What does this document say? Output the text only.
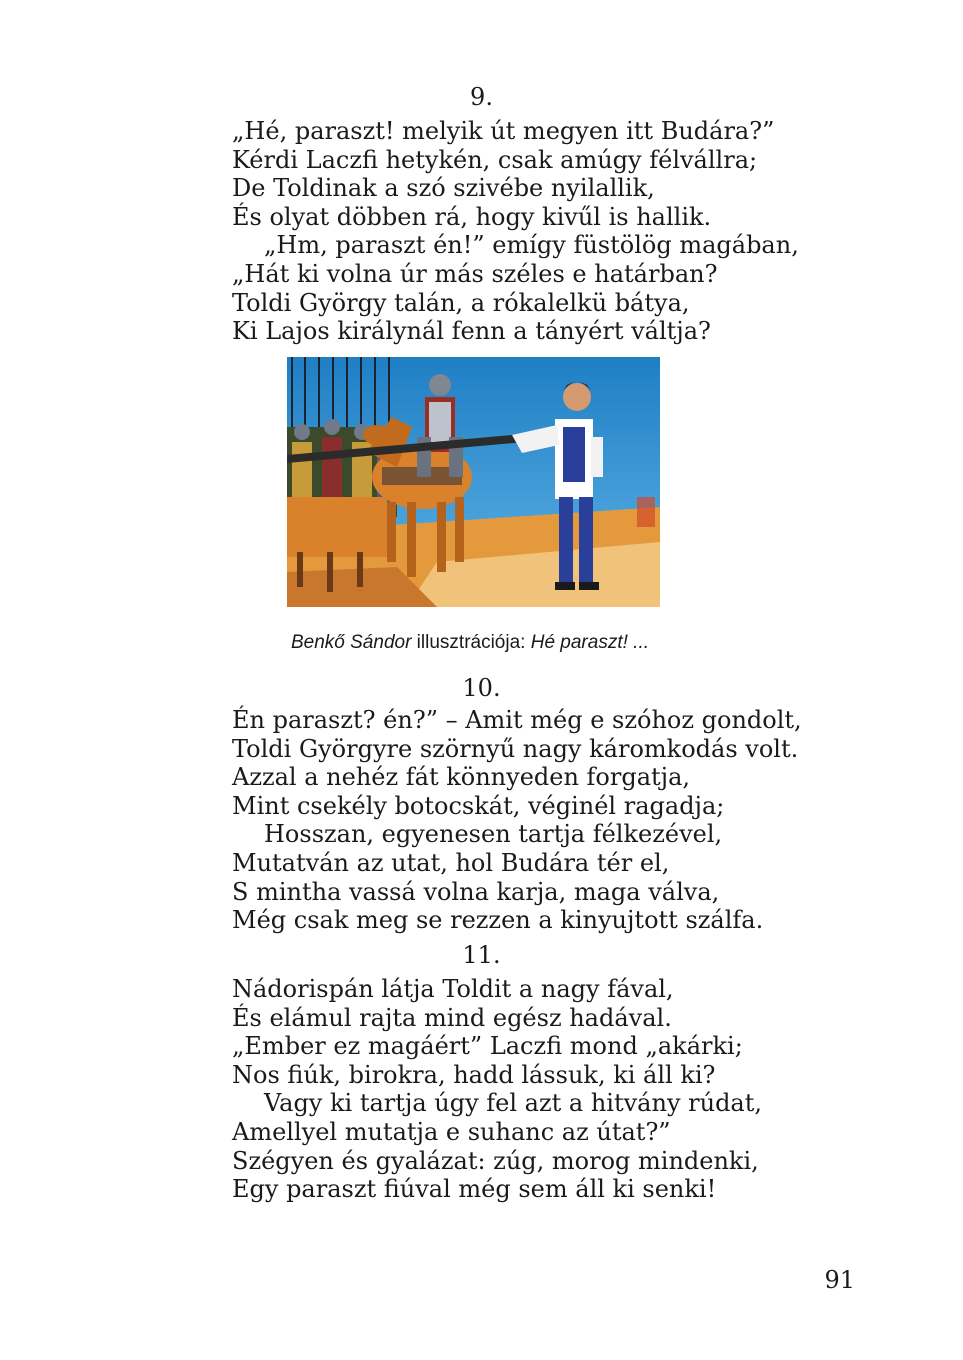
9.
„Hé, paraszt! melyik út megyen itt Budára?”
Kérdi Laczfi hetykén, csak amúgy félvállra;
De Toldinak a szó szivébe nyilallik,
És olyat döbben rá, hogy kivűl is hallik.
„Hm, paraszt én!” emígy füstölög magában,
„Hát ki volna úr más széles e határban?
Toldi György talán, a rókalelkü bátya,
Ki Lajos királynál fenn a tányért váltja?
Benkő Sándor illusztrációja: Hé paraszt! ...
10.
Én paraszt? én?” – Amit még e szóhoz gondolt,
Toldi Györgyre szörnyű nagy káromkodás volt.
Azzal a nehéz fát könnyeden forgatja,
Mint csekély botocskát, véginél ragadja;
Hosszan, egyenesen tartja félkezével,
Mutatván az utat, hol Budára tér el,
S mintha vassá volna karja, maga válva,
Még csak meg se rezzen a kinyujtott szálfa.
11.
Nádorispán látja Toldit a nagy fával,
És elámul rajta mind egész hadával.
„Ember ez magáért” Laczfi mond „akárki;
Nos fiúk, birokra, hadd lássuk, ki áll ki?
Vagy ki tartja úgy fel azt a hitvány rúdat,
Amellyel mutatja e suhanc az útat?”
Szégyen és gyalázat: zúg, morog mindenki,
Egy paraszt fiúval még sem áll ki senki!
91
